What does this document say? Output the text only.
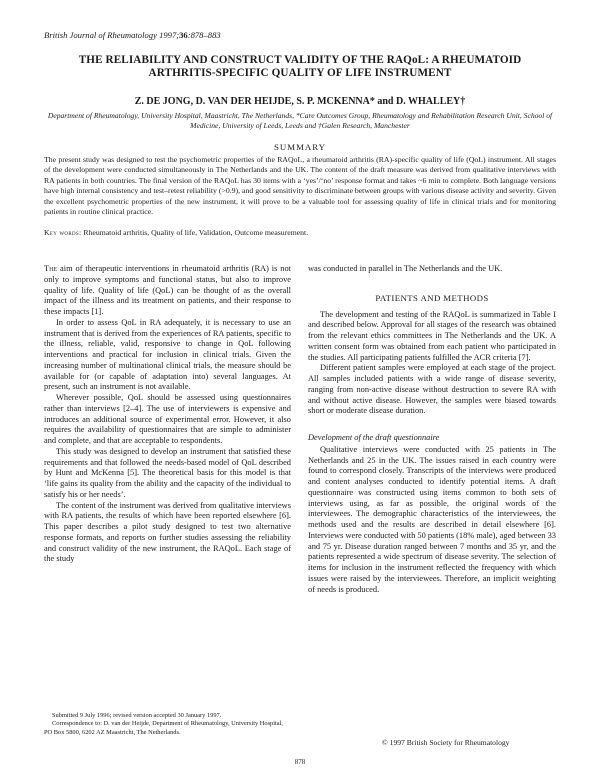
British Journal of Rheumatology 1997;36:878–883
THE RELIABILITY AND CONSTRUCT VALIDITY OF THE RAQoL: A RHEUMATOID ARTHRITIS-SPECIFIC QUALITY OF LIFE INSTRUMENT
Z. DE JONG, D. VAN DER HEIJDE, S. P. MCKENNA* and D. WHALLEY†
Department of Rheumatology, University Hospital, Maastricht, The Netherlands, *Care Outcomes Group, Rheumatology and Rehabilitation Research Unit, School of Medicine, University of Leeds, Leeds and †Galen Research, Manchester
SUMMARY
The present study was designed to test the psychometric properties of the RAQoL, a rheumatoid arthritis (RA)-specific quality of life (QoL) instrument. All stages of the development were conducted simultaneously in The Netherlands and the UK. The content of the draft measure was derived from qualitative interviews with RA patients in both countries. The final version of the RAQoL has 30 items with a ‘yes’/‘no’ response format and takes ~6 min to complete. Both language versions have high internal consistency and test–retest reliability (>0.9), and good sensitivity to discriminate between groups with various disease activity and severity. Given the excellent psychometric properties of the new instrument, it will prove to be a valuable tool for assessing quality of life in clinical trials and for monitoring patients in routine clinical practice.
Key words: Rheumatoid arthritis, Quality of life, Validation, Outcome measurement.

The aim of therapeutic interventions in rheumatoid arthritis (RA) is not only to improve symptoms and functional status, but also to improve quality of life. Quality of life (QoL) can be thought of as the overall impact of the illness and its treatment on patients, and their response to these impacts [1].

In order to assess QoL in RA adequately, it is necessary to use an instrument that is derived from the experiences of RA patients, specific to the illness, reliable, valid, responsive to change in QoL following interventions and practical for inclusion in clinical trials. Given the increasing number of multinational clinical trials, the measure should be available for (or capable of adaptation into) several languages. At present, such an instrument is not available.

Wherever possible, QoL should be assessed using questionnaires rather than interviews [2–4]. The use of interviewers is expensive and introduces an additional source of experimental error. However, it also requires the availability of questionnaires that are simple to administer and complete, and that are acceptable to respondents.

This study was designed to develop an instrument that satisfied these requirements and that followed the needs-based model of QoL described by Hunt and McKenna [5]. The theoretical basis for this model is that ‘life gains its quality from the ability and the capacity of the individual to satisfy his or her needs’.

The content of the instrument was derived from qualitative interviews with RA patients, the results of which have been reported elsewhere [6]. This paper describes a pilot study designed to test two alternative response formats, and reports on further studies assessing the reliability and construct validity of the new instrument, the RAQoL. Each stage of the study

was conducted in parallel in The Netherlands and the UK.

PATIENTS AND METHODS

The development and testing of the RAQoL is summarized in Table I and described below. Approval for all stages of the research was obtained from the relevant ethics committees in The Netherlands and the UK. A written consent form was obtained from each patient who participated in the studies. All participating patients fulfilled the ACR criteria [7].

Different patient samples were employed at each stage of the project. All samples included patients with a wide range of disease severity, ranging from non-active disease without destruction to severe RA with and without active disease. However, the samples were biased towards short or moderate disease duration.

Development of the draft questionnaire

Qualitative interviews were conducted with 25 patients in The Netherlands and 25 in the UK. The issues raised in each country were found to correspond closely. Transcripts of the interviews were produced and content analyses conducted to identify potential items. A draft questionnaire was constructed using items common to both sets of interviews using, as far as possible, the original words of the interviewees. The demographic characteristics of the interviewees, the methods used and the results are described in detail elsewhere [6]. Interviews were conducted with 50 patients (18% male), aged between 33 and 75 yr. Disease duration ranged between 7 months and 35 yr, and the patients represented a wide spectrum of disease severity. The selection of items for inclusion in the instrument reflected the frequency with which issues were raised by the interviewees. Therefore, an implicit weighting of needs is produced.

Submitted 9 July 1996; revised version accepted 30 January 1997.

Correspondence to: D. van der Heijde, Department of Rheumatology, University Hospital, PO Box 5800, 6202 AZ Maastricht, The Netherlands.

© 1997 British Society for Rheumatology
878
